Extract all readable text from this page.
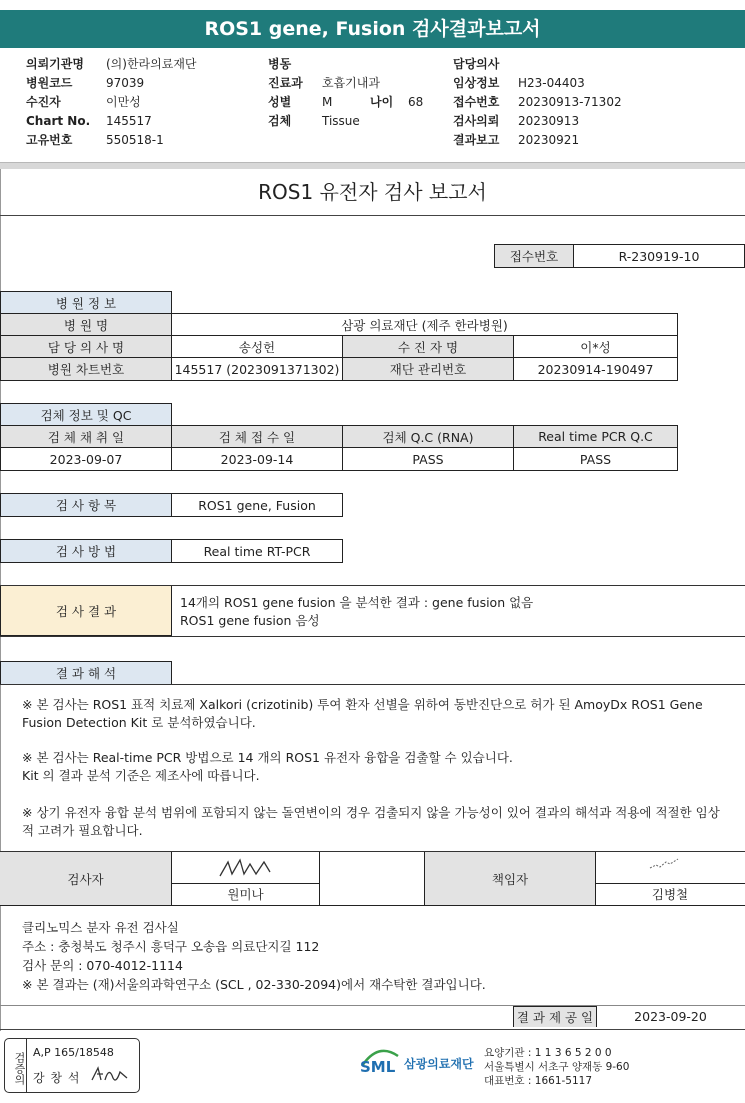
ROS1 gene, Fusion 검사결과보고서
의뢰기관명 (의)한라의료재단
병원코드	97039
수진자	이만성
Chart No. 145517
고유번호	550518-1
병동
진료과 호흡기내과
성별	M	나이 68
검체	Tissue
담당의사
임상정보 H23-04403
접수번호 20230913-71302
검사의뢰 20230913
결과보고 20230921
ROS1 유전자 검사 보고서
접수번호	R-230919-10
병 원 정 보
병 원 명	삼광 의료재단 (제주 한라병원)
담 당 의 사 명	송성헌	수 진 자 명	이*성
병원 차트번호	145517 (2023091371302)	재단 관리번호	20230914-190497
검체 정보 및 QC
검 체 채 취 일	검 체 접 수 일	검체 Q.C (RNA)	Real time PCR Q.C
2023-09-07	2023-09-14	PASS	PASS
검 사 항 목	ROS1 gene, Fusion
검 사 방 법	Real time RT-PCR
검 사 결 과
14개의 ROS1 gene fusion 을 분석한 결과 : gene fusion 없음
ROS1 gene fusion 음성
결 과 해 석
※ 본 검사는 ROS1 표적 치료제 Xalkori (crizotinib) 투여 환자 선별을 위하여 동반진단으로 허가 된 AmoyDx ROS1 Gene Fusion Detection Kit 로 분석하였습니다.
※ 본 검사는 Real-time PCR 방법으로 14 개의 ROS1 유전자 융합을 검출할 수 있습니다.
Kit 의 결과 분석 기준은 제조사에 따릅니다.
※ 상기 유전자 융합 분석 범위에 포함되지 않는 돌연변이의 경우 검출되지 않을 가능성이 있어 결과의 해석과 적용에 적절한 임상적 고려가 필요합니다.
검사자
원미나
책임자
김병철
클리노믹스 분자 유전 검사실
주소 : 충청북도 청주시 흥덕구 오송읍 의료단지길 112
검사 문의 : 070-4012-1114
※ 본 결과는 (재)서울의과학연구소 (SCL , 02-330-2094)에서 재수탁한 결과입니다.
결 과 제 공 일	2023-09-20
검증의 A,P 165/18548
강 창 석
SML 삼광의료재단
요양기관 : 1 1 3 6 5 2 0 0
서울특별시 서초구 양재동 9-60
대표번호 : 1661-5117
